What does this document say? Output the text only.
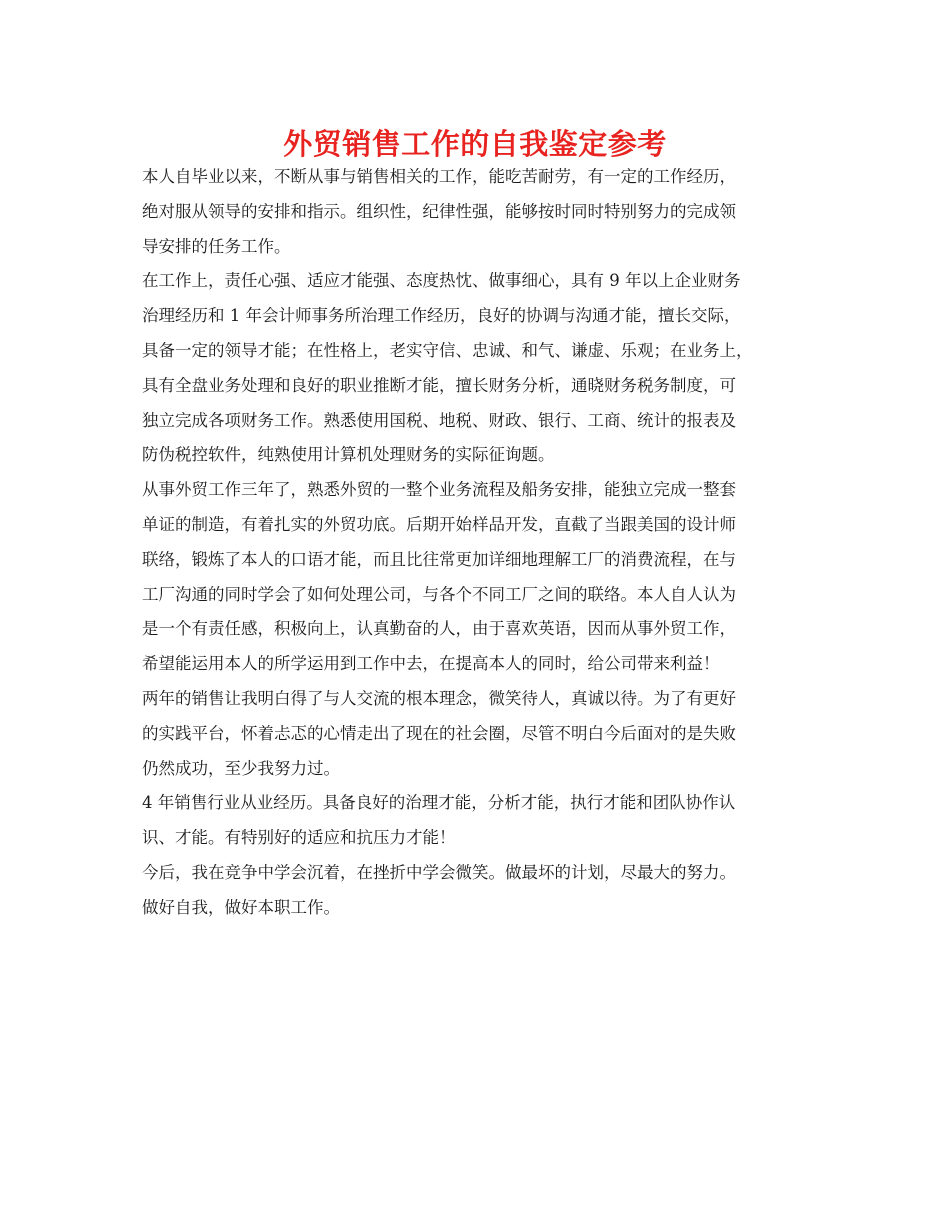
外贸销售工作的自我鉴定参考

本人自毕业以来，不断从事与销售相关的工作，能吃苦耐劳，有一定的工作经历，

绝对服从领导的安排和指示。组织性，纪律性强，能够按时同时特别努力的完成领

导安排的任务工作。

在工作上，责任心强、适应才能强、态度热忱、做事细心，具有 9 年以上企业财务

治理经历和 1 年会计师事务所治理工作经历，良好的协调与沟通才能，擅长交际，

具备一定的领导才能；在性格上，老实守信、忠诚、和气、谦虚、乐观；在业务上，

具有全盘业务处理和良好的职业推断才能，擅长财务分析，通晓财务税务制度，可

独立完成各项财务工作。熟悉使用国税、地税、财政、银行、工商、统计的报表及

防伪税控软件，纯熟使用计算机处理财务的实际征询题。

从事外贸工作三年了，熟悉外贸的一整个业务流程及船务安排，能独立完成一整套

单证的制造，有着扎实的外贸功底。后期开始样品开发，直截了当跟美国的设计师

联络，锻炼了本人的口语才能，而且比往常更加详细地理解工厂的消费流程，在与

工厂沟通的同时学会了如何处理公司，与各个不同工厂之间的联络。本人自人认为

是一个有责任感，积极向上，认真勤奋的人，由于喜欢英语，因而从事外贸工作，

希望能运用本人的所学运用到工作中去，在提高本人的同时，给公司带来利益！

两年的销售让我明白得了与人交流的根本理念，微笑待人，真诚以待。为了有更好

的实践平台，怀着忐忑的心情走出了现在的社会圈，尽管不明白今后面对的是失败

仍然成功，至少我努力过。

4 年销售行业从业经历。具备良好的治理才能，分析才能，执行才能和团队协作认

识、才能。有特别好的适应和抗压力才能！

今后，我在竞争中学会沉着，在挫折中学会微笑。做最坏的计划，尽最大的努力。

做好自我，做好本职工作。
